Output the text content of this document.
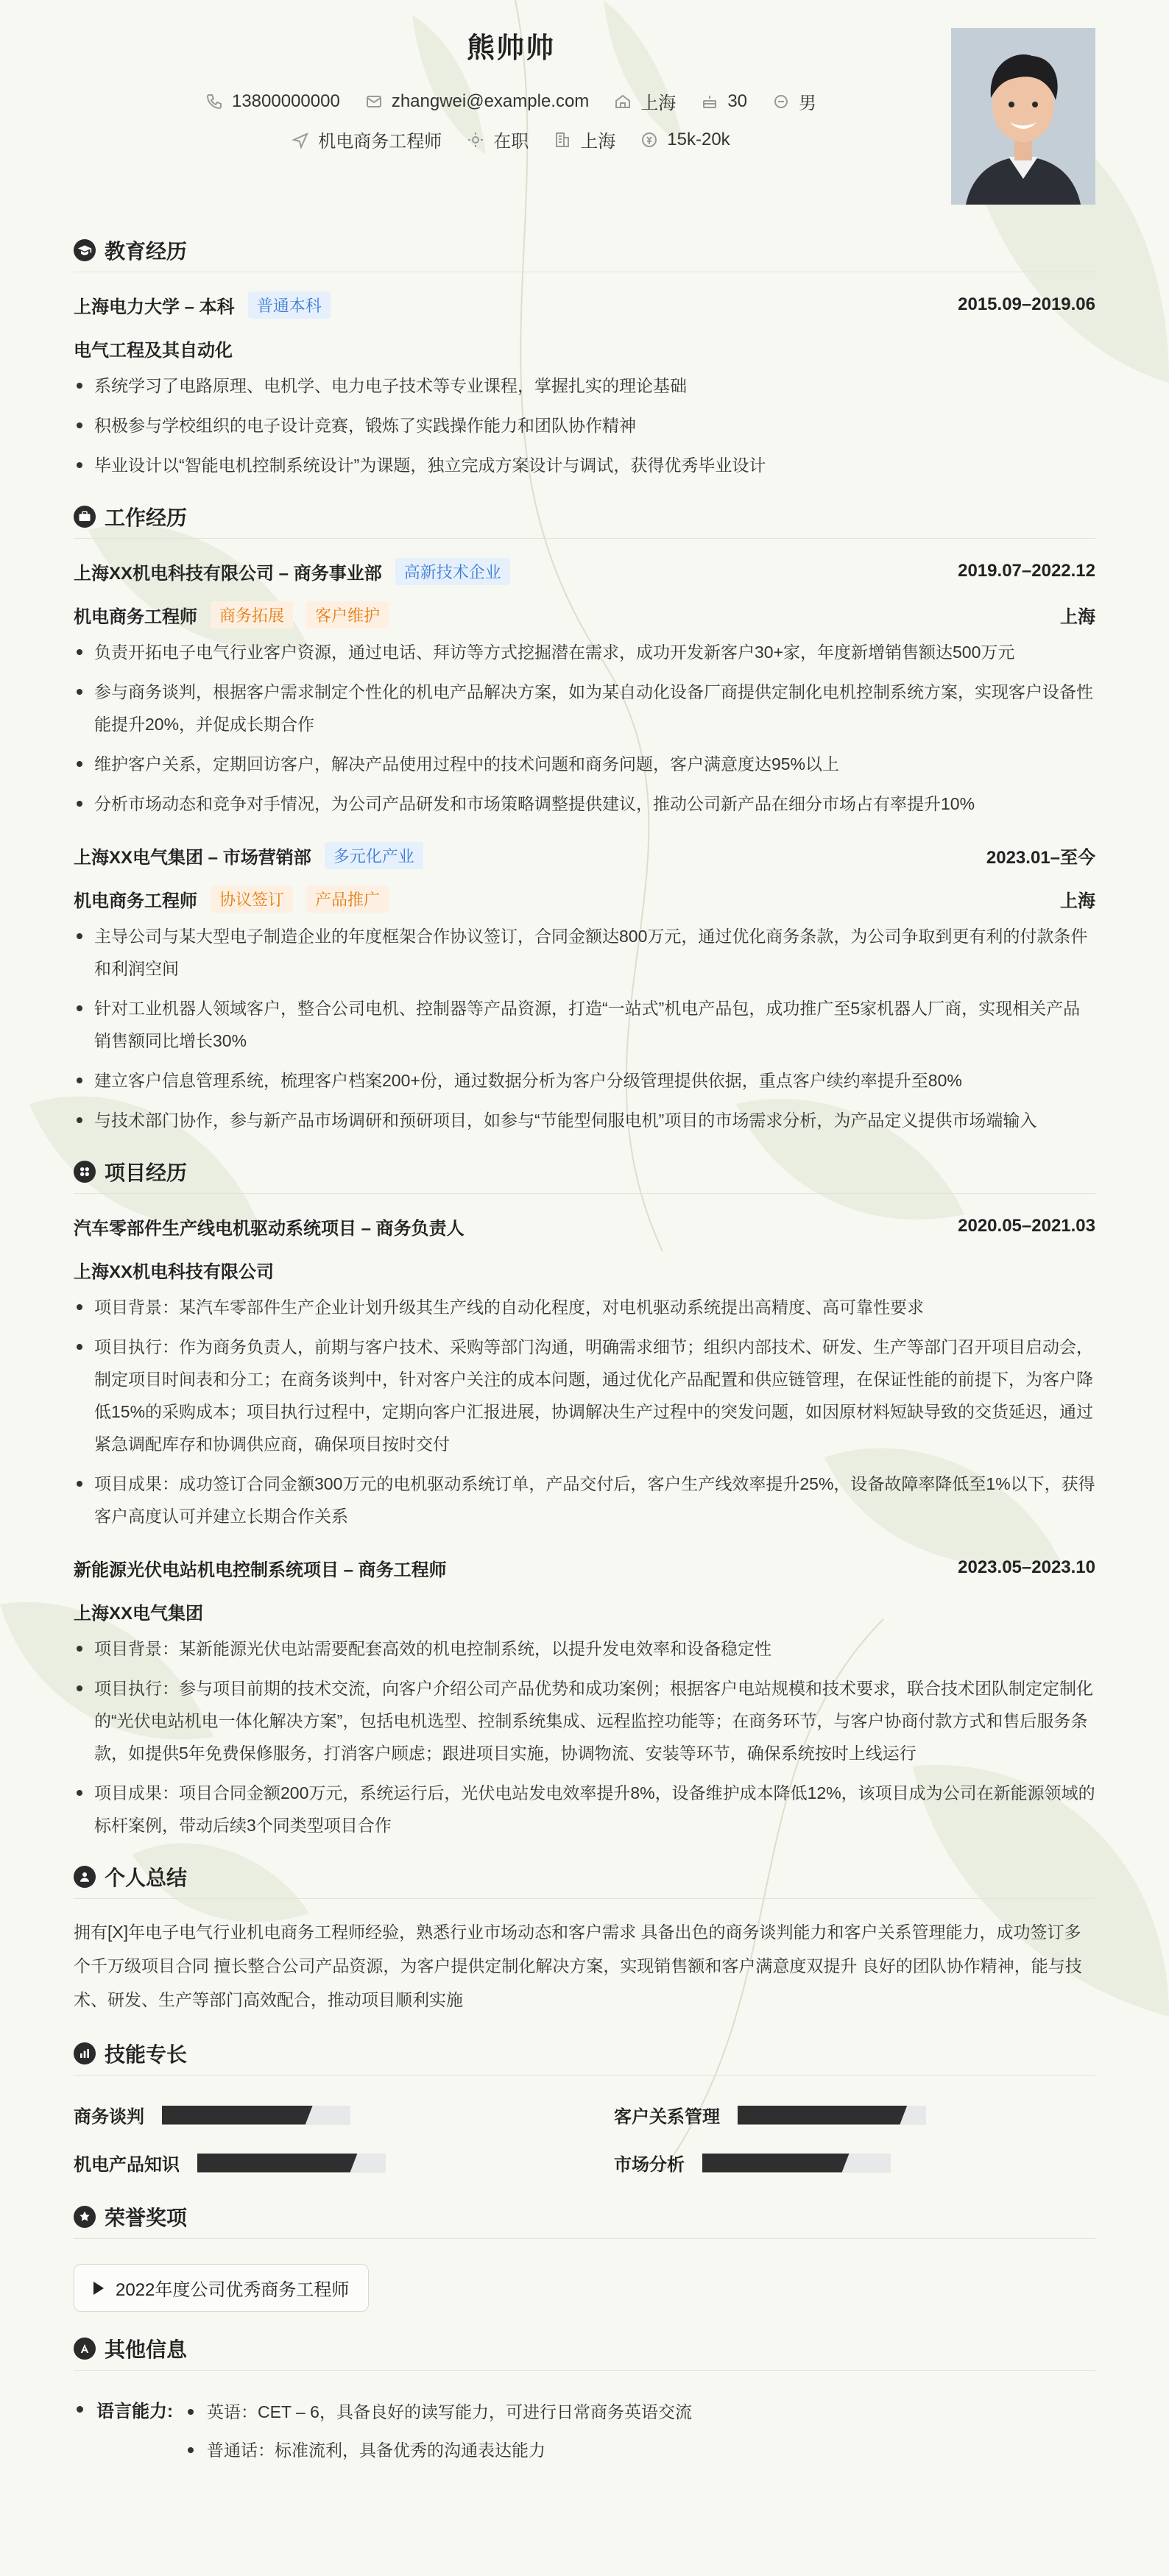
熊帅帅
13800000000	zhangwei@example.com	上海	30	男
机电商务工程师	在职	上海	15k-20k
教育经历
上海电力大学 – 本科	普通本科	2015.09–2019.06
电气工程及其自动化
系统学习了电路原理、电机学、电力电子技术等专业课程，掌握扎实的理论基础
积极参与学校组织的电子设计竞赛，锻炼了实践操作能力和团队协作精神
毕业设计以“智能电机控制系统设计”为课题，独立完成方案设计与调试，获得优秀毕业设计
工作经历
上海XX机电科技有限公司 – 商务事业部	高新技术企业	2019.07–2022.12
机电商务工程师	商务拓展	客户维护	上海
负责开拓电子电气行业客户资源，通过电话、拜访等方式挖掘潜在需求，成功开发新客户30+家，年度新增销售额达500万元
参与商务谈判，根据客户需求制定个性化的机电产品解决方案，如为某自动化设备厂商提供定制化电机控制系统方案，实现客户设备性能提升20%，并促成长期合作
维护客户关系，定期回访客户，解决产品使用过程中的技术问题和商务问题，客户满意度达95%以上
分析市场动态和竞争对手情况，为公司产品研发和市场策略调整提供建议，推动公司新产品在细分市场占有率提升10%
上海XX电气集团 – 市场营销部	多元化产业	2023.01–至今
机电商务工程师	协议签订	产品推广	上海
主导公司与某大型电子制造企业的年度框架合作协议签订，合同金额达800万元，通过优化商务条款，为公司争取到更有利的付款条件和利润空间
针对工业机器人领域客户，整合公司电机、控制器等产品资源，打造“一站式”机电产品包，成功推广至5家机器人厂商，实现相关产品销售额同比增长30%
建立客户信息管理系统，梳理客户档案200+份，通过数据分析为客户分级管理提供依据，重点客户续约率提升至80%
与技术部门协作，参与新产品市场调研和预研项目，如参与“节能型伺服电机”项目的市场需求分析，为产品定义提供市场端输入
项目经历
汽车零部件生产线电机驱动系统项目 – 商务负责人	2020.05–2021.03
上海XX机电科技有限公司
项目背景：某汽车零部件生产企业计划升级其生产线的自动化程度，对电机驱动系统提出高精度、高可靠性要求
项目执行：作为商务负责人，前期与客户技术、采购等部门沟通，明确需求细节；组织内部技术、研发、生产等部门召开项目启动会，制定项目时间表和分工；在商务谈判中，针对客户关注的成本问题，通过优化产品配置和供应链管理，在保证性能的前提下，为客户降低15%的采购成本；项目执行过程中，定期向客户汇报进展，协调解决生产过程中的突发问题，如因原材料短缺导致的交货延迟，通过紧急调配库存和协调供应商，确保项目按时交付
项目成果：成功签订合同金额300万元的电机驱动系统订单，产品交付后，客户生产线效率提升25%，设备故障率降低至1%以下，获得客户高度认可并建立长期合作关系
新能源光伏电站机电控制系统项目 – 商务工程师	2023.05–2023.10
上海XX电气集团
项目背景：某新能源光伏电站需要配套高效的机电控制系统，以提升发电效率和设备稳定性
项目执行：参与项目前期的技术交流，向客户介绍公司产品优势和成功案例；根据客户电站规模和技术要求，联合技术团队制定定制化的“光伏电站机电一体化解决方案”，包括电机选型、控制系统集成、远程监控功能等；在商务环节，与客户协商付款方式和售后服务条款，如提供5年免费保修服务，打消客户顾虑；跟进项目实施，协调物流、安装等环节，确保系统按时上线运行
项目成果：项目合同金额200万元，系统运行后，光伏电站发电效率提升8%，设备维护成本降低12%，该项目成为公司在新能源领域的标杆案例，带动后续3个同类型项目合作
个人总结

拥有[X]年电子电气行业机电商务工程师经验，熟悉行业市场动态和客户需求 具备出色的商务谈判能力和客户关系管理能力，成功签订多个千万级项目合同 擅长整合公司产品资源，为客户提供定制化解决方案，实现销售额和客户满意度双提升 良好的团队协作精神，能与技术、研发、生产等部门高效配合，推动项目顺利实施

技能专长
商务谈判	客户关系管理
机电产品知识	市场分析
荣誉奖项
2022年度公司优秀商务工程师
其他信息
语言能力:	英语：CET – 6，具备良好的读写能力，可进行日常商务英语交流
普通话：标准流利，具备优秀的沟通表达能力
